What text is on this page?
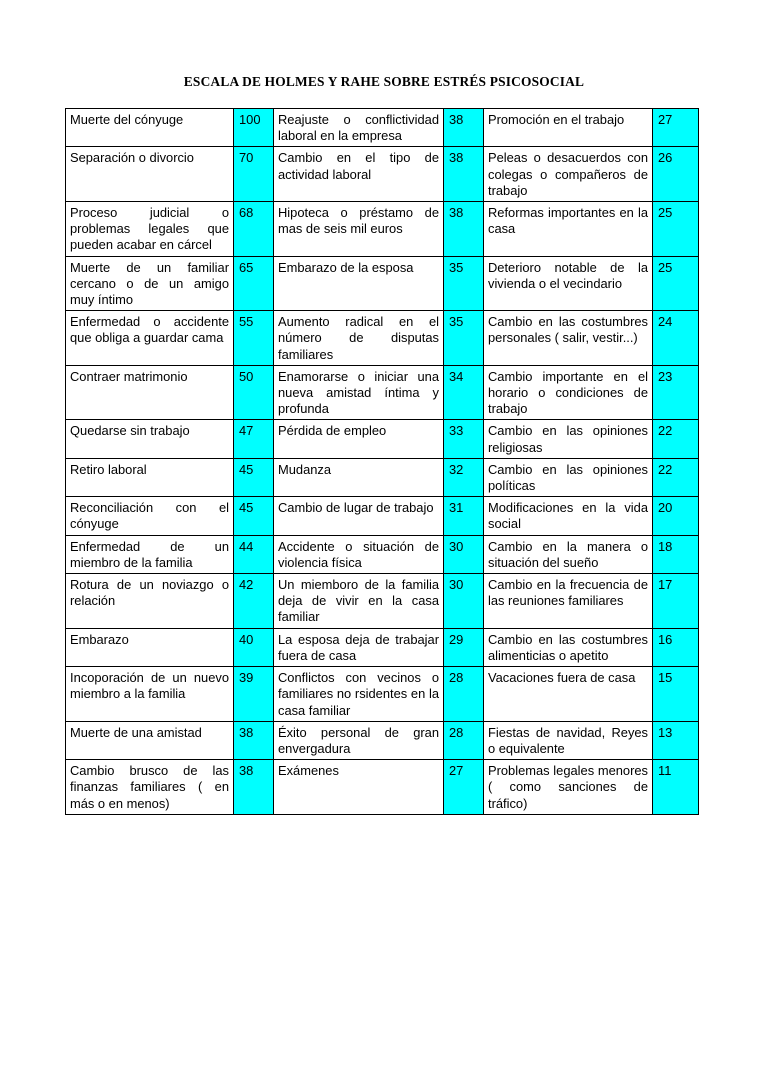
ESCALA DE HOLMES Y RAHE SOBRE ESTRÉS PSICOSOCIAL
Muerte del cónyuge	100	Reajuste o conflictividad laboral en la empresa	38	Promoción en el trabajo	27
Separación o divorcio	70	Cambio en el tipo de actividad laboral	38	Peleas o desacuerdos con colegas o compañeros de trabajo	26
Proceso judicial o problemas legales que pueden acabar en cárcel	68	Hipoteca o préstamo de mas de seis mil euros	38	Reformas importantes en la casa	25
Muerte de un familiar cercano o de un amigo muy íntimo	65	Embarazo de la esposa	35	Deterioro notable de la vivienda o el vecindario	25
Enfermedad o accidente que obliga a guardar cama	55	Aumento radical en el número de disputas familiares	35	Cambio en las costumbres personales ( salir, vestir...)	24
Contraer matrimonio	50	Enamorarse o iniciar una nueva amistad íntima y profunda	34	Cambio importante en el horario o condiciones de trabajo	23
Quedarse sin trabajo	47	Pérdida de empleo	33	Cambio en las opiniones religiosas	22
Retiro laboral	45	Mudanza	32	Cambio en las opiniones políticas	22
Reconciliación con el cónyuge	45	Cambio de lugar de trabajo	31	Modificaciones en la vida social	20
Enfermedad de un miembro de la familia	44	Accidente o situación de violencia física	30	Cambio en la manera o situación del sueño	18
Rotura de un noviazgo o relación	42	Un miemboro de la familia deja de vivir en la casa familiar	30	Cambio en la frecuencia de las reuniones familiares	17
Embarazo	40	La esposa deja de trabajar fuera de casa	29	Cambio en las costumbres alimenticias o apetito	16
Incoporación de un nuevo miembro a la familia	39	Conflictos con vecinos o familiares no rsidentes en la casa familiar	28	Vacaciones fuera de casa	15
Muerte de una amistad	38	Éxito personal de gran envergadura	28	Fiestas de navidad, Reyes o equivalente	13
Cambio brusco de las finanzas familiares ( en más o en menos)	38	Exámenes	27	Problemas legales menores ( como sanciones de tráfico)	11
